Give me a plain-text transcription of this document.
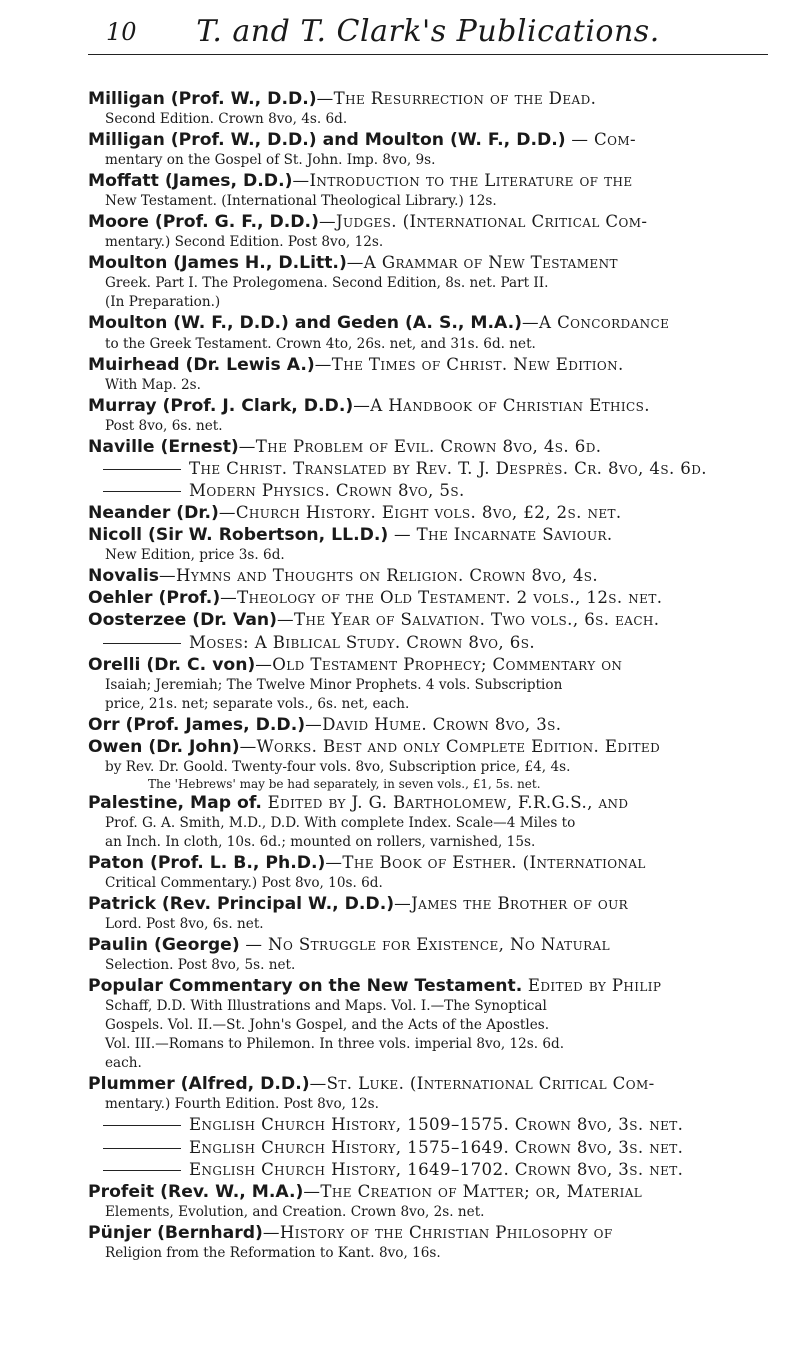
10	T. and T. Clark's Publications.
Milligan (Prof. W., D.D.)—The Resurrection of the Dead.
Second Edition. Crown 8vo, 4s. 6d.
Milligan (Prof. W., D.D.) and Moulton (W. F., D.D.) — Com-
mentary on the Gospel of St. John. Imp. 8vo, 9s.
Moffatt (James, D.D.)—Introduction to the Literature of the
New Testament. (International Theological Library.) 12s.
Moore (Prof. G. F., D.D.)—Judges. (International Critical Com-
mentary.) Second Edition. Post 8vo, 12s.
Moulton (James H., D.Litt.)—A Grammar of New Testament
Greek. Part I. The Prolegomena. Second Edition, 8s. net. Part II.
(In Preparation.)
Moulton (W. F., D.D.) and Geden (A. S., M.A.)—A Concordance
to the Greek Testament. Crown 4to, 26s. net, and 31s. 6d. net.
Muirhead (Dr. Lewis A.)—The Times of Christ. New Edition.
With Map. 2s.
Murray (Prof. J. Clark, D.D.)—A Handbook of Christian Ethics.
Post 8vo, 6s. net.
Naville (Ernest)—The Problem of Evil. Crown 8vo, 4s. 6d.
The Christ. Translated by Rev. T. J. Desprès. Cr. 8vo, 4s. 6d.
Modern Physics. Crown 8vo, 5s.
Neander (Dr.)—Church History. Eight vols. 8vo, £2, 2s. net.
Nicoll (Sir W. Robertson, LL.D.) — The Incarnate Saviour.
New Edition, price 3s. 6d.
Novalis—Hymns and Thoughts on Religion. Crown 8vo, 4s.
Oehler (Prof.)—Theology of the Old Testament. 2 vols., 12s. net.
Oosterzee (Dr. Van)—The Year of Salvation. Two vols., 6s. each.
Moses: A Biblical Study. Crown 8vo, 6s.
Orelli (Dr. C. von)—Old Testament Prophecy; Commentary on
Isaiah; Jeremiah; The Twelve Minor Prophets. 4 vols. Subscription
price, 21s. net; separate vols., 6s. net, each.
Orr (Prof. James, D.D.)—David Hume. Crown 8vo, 3s.
Owen (Dr. John)—Works. Best and only Complete Edition. Edited
by Rev. Dr. Goold. Twenty-four vols. 8vo, Subscription price, £4, 4s.
The 'Hebrews' may be had separately, in seven vols., £1, 5s. net.
Palestine, Map of. Edited by J. G. Bartholomew, F.R.G.S., and
Prof. G. A. Smith, M.D., D.D. With complete Index. Scale—4 Miles to
an Inch. In cloth, 10s. 6d.; mounted on rollers, varnished, 15s.
Paton (Prof. L. B., Ph.D.)—The Book of Esther. (International
Critical Commentary.) Post 8vo, 10s. 6d.
Patrick (Rev. Principal W., D.D.)—James the Brother of our
Lord. Post 8vo, 6s. net.
Paulin (George) — No Struggle for Existence, No Natural
Selection. Post 8vo, 5s. net.
Popular Commentary on the New Testament. Edited by Philip
Schaff, D.D. With Illustrations and Maps. Vol. I.—The Synoptical
Gospels. Vol. II.—St. John's Gospel, and the Acts of the Apostles.
Vol. III.—Romans to Philemon. In three vols. imperial 8vo, 12s. 6d.
each.
Plummer (Alfred, D.D.)—St. Luke. (International Critical Com-
mentary.) Fourth Edition. Post 8vo, 12s.
English Church History, 1509–1575. Crown 8vo, 3s. net.
English Church History, 1575–1649. Crown 8vo, 3s. net.
English Church History, 1649–1702. Crown 8vo, 3s. net.
Profeit (Rev. W., M.A.)—The Creation of Matter; or, Material
Elements, Evolution, and Creation. Crown 8vo, 2s. net.
Pünjer (Bernhard)—History of the Christian Philosophy of
Religion from the Reformation to Kant. 8vo, 16s.
